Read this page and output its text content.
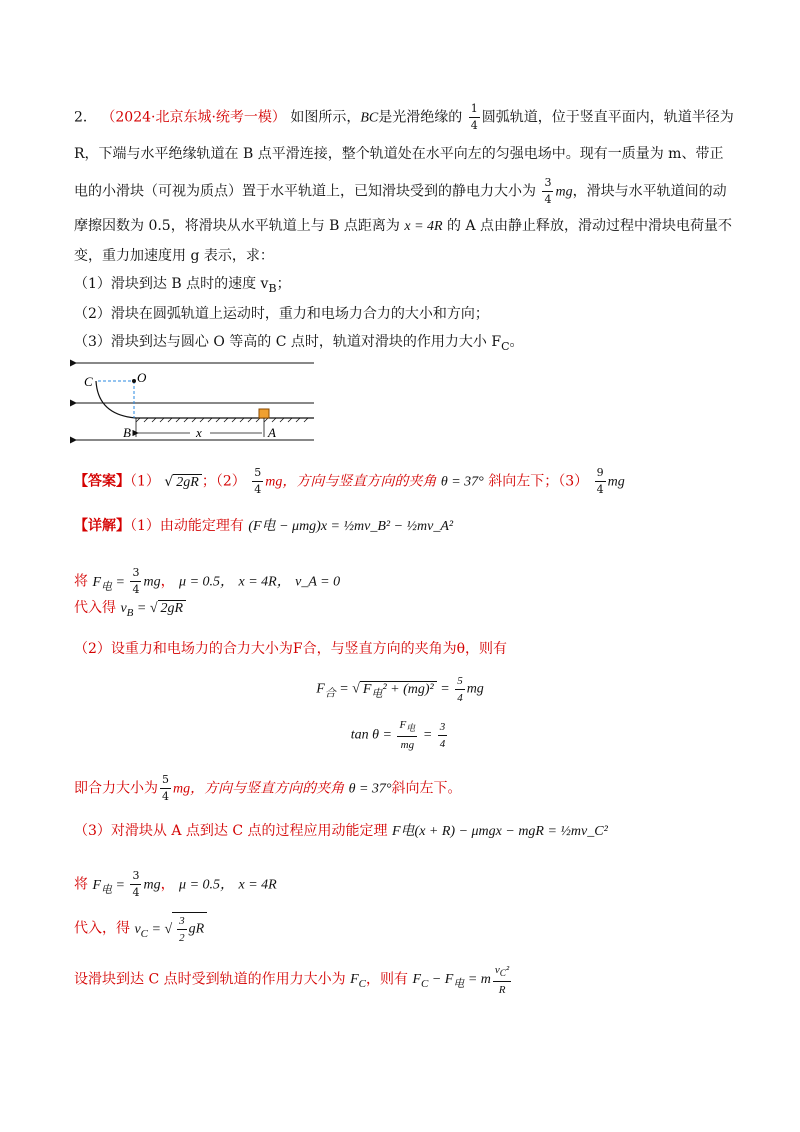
2． （2024·北京东城·统考一模） 如图所示，BC是光滑绝缘的 $\frac{1}{4}$ 圆弧轨道，位于竖直平面内，轨道半径为
R，下端与水平绝缘轨道在 B 点平滑连接，整个轨道处在水平向左的匀强电场中。现有一质量为 m、带正
电的小滑块（可视为质点）置于水平轨道上，已知滑块受到的静电力大小为 $\frac{3}{4}$ mg，滑块与水平轨道间的动
摩擦因数为 0.5，将滑块从水平轨道上与 B 点距离为 x = 4R 的 A 点由静止释放，滑动过程中滑块电荷量不
变，重力加速度用 g 表示，求：
（1）滑块到达 B 点时的速度 $v_B$；
（2）滑块在圆弧轨道上运动时，重力和电场力合力的大小和方向；
（3）滑块到达与圆心 O 等高的 C 点时，轨道对滑块的作用力大小 $F_C$。
C	O
B	x	A
【答案】（1） √ 2gR ；$(2) \frac{5}{4}$ mg，方向与竖直方向的夹角 θ = 37° 斜向左下；$(3) \frac{9}{4}$ mg
【详解】（1）由动能定理有 (F电 − μmg)x = ½mv_B² − ½mv_A²
将 $F_电 = \frac{3}{4}$ mg， μ = 0.5， x = 4R， v_A = 0
代入得 $v_B$ = √ 2gR
（2）设重力和电场力的合力大小为F合，与竖直方向的夹角为θ，则有
$F_合$ = √ $F_电^2 + (mg)^2 = \frac{5}{4}$ mg
$\tan \theta = \frac{F_电}{mg} = \frac{3}{4}$
即合力大小为 $\frac{5}{4}$ mg，方向与竖直方向的夹角 θ = 37°斜向左下。
（3）对滑块从 A 点到达 C 点的过程应用动能定理 F电(x + R) − μmgx − mgR = ½mv_C²
将 $F_电 = \frac{3}{4}$ mg， μ = 0.5， x = 4R
代入，得 $v_C$ = √ $\frac{3}{2}$ gR
设滑块到达 C 点时受到轨道的作用力大小为 $F_C$，则有 $F_C - F_电 = m \frac{v_C^2}{R}$
